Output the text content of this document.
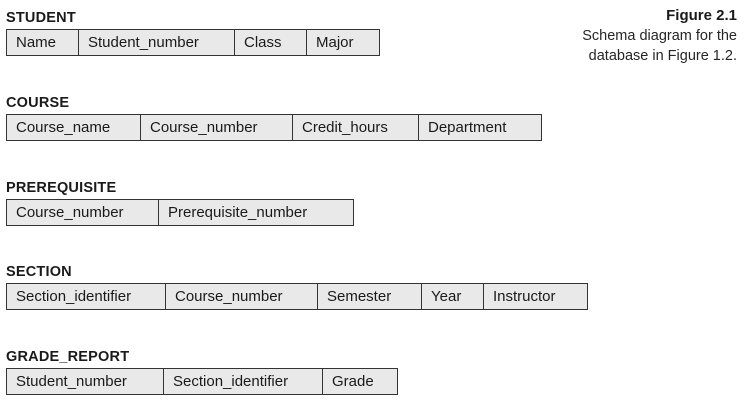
Figure 2.1
Schema diagram for the
database in Figure 1.2.
STUDENT
Name	Student_number	Class	Major
COURSE
Course_name	Course_number	Credit_hours	Department
PREREQUISITE
Course_number	Prerequisite_number
SECTION
Section_identifier	Course_number	Semester	Year	Instructor
GRADE_REPORT
Student_number	Section_identifier	Grade
